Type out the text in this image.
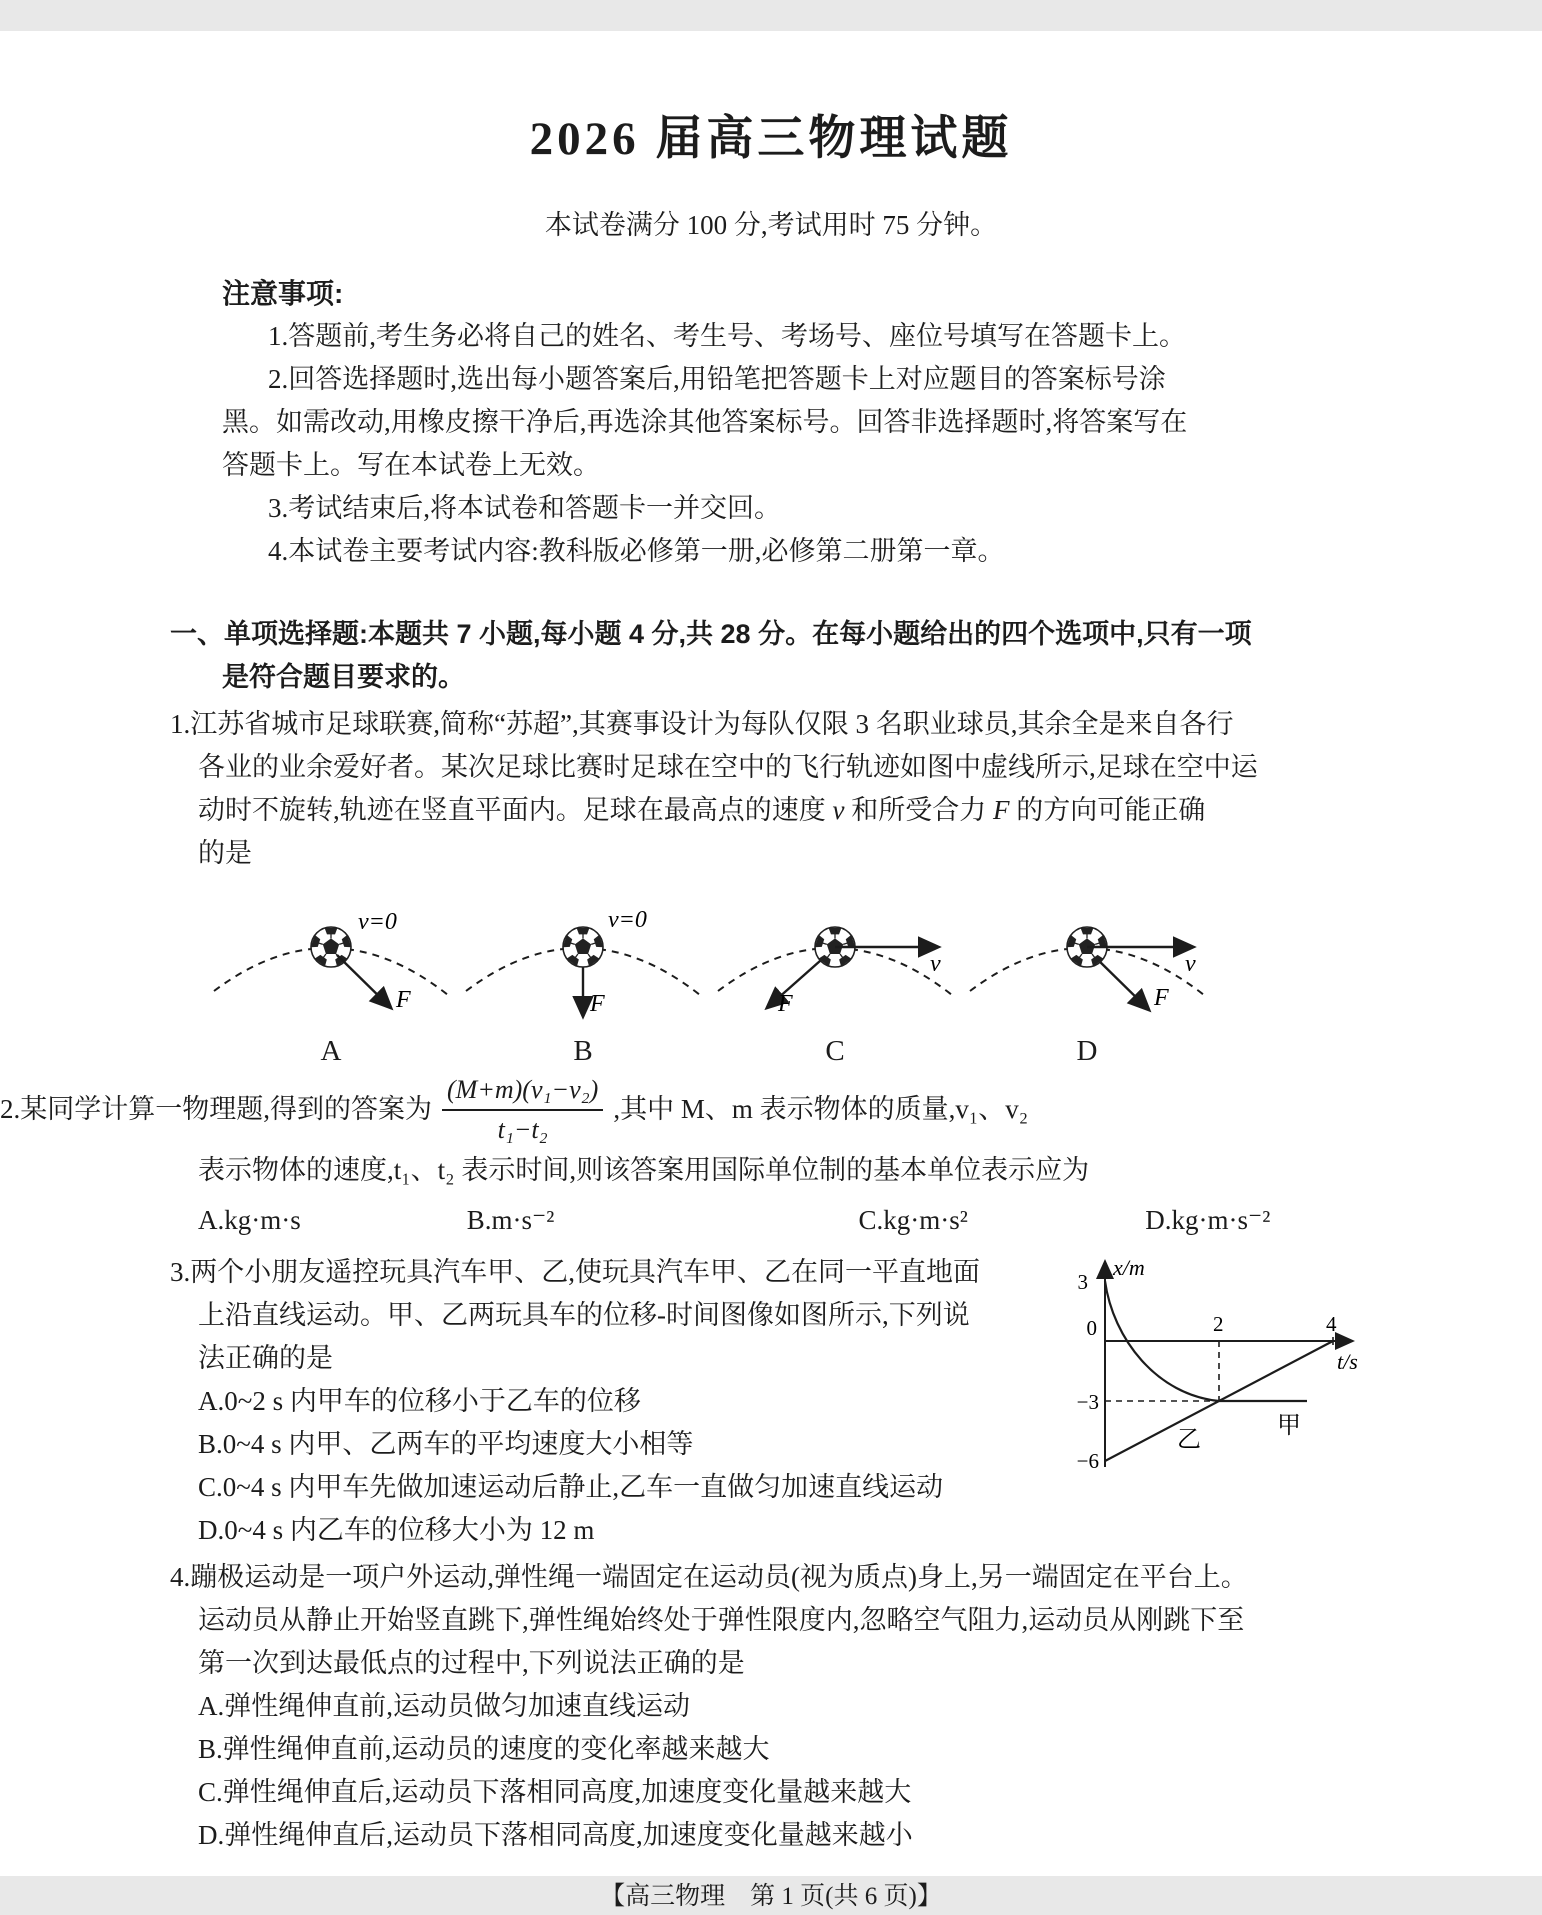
2026 届高三物理试题

本试卷满分 100 分,考试用时 75 分钟。

注意事项:

1.答题前,考生务必将自己的姓名、考生号、考场号、座位号填写在答题卡上。

2.回答选择题时,选出每小题答案后,用铅笔把答题卡上对应题目的答案标号涂

黑。如需改动,用橡皮擦干净后,再选涂其他答案标号。回答非选择题时,将答案写在

答题卡上。写在本试卷上无效。

3.考试结束后,将本试卷和答题卡一并交回。

4.本试卷主要考试内容:教科版必修第一册,必修第二册第一章。

一、单项选择题:本题共 7 小题,每小题 4 分,共 28 分。在每小题给出的四个选项中,只有一项

是符合题目要求的。

1.江苏省城市足球联赛,简称“苏超”,其赛事设计为每队仅限 3 名职业球员,其余全是来自各行

各业的业余爱好者。某次足球比赛时足球在空中的飞行轨迹如图中虚线所示,足球在空中运

动时不旋转,轨迹在竖直平面内。足球在最高点的速度 v 和所受合力 F 的方向可能正确

的是

v=0
F
A
v=0
F
B
v
F
C
v
F
D

2.某同学计算一物理题,得到的答案为 $\frac{\text{(M+m)(v₁−v₂)}}{\text{t₁−t₂}}$ ,其中 M、m 表示物体的质量,v₁、v₂

表示物体的速度,t₁、t₂ 表示时间,则该答案用国际单位制的基本单位表示应为

A.kg·m·s	B.m·s⁻²	C.kg·m·s²	D.kg·m·s⁻²
x/m
t/s
3
0
−3
−6
2	4
甲
乙

3.两个小朋友遥控玩具汽车甲、乙,使玩具汽车甲、乙在同一平直地面

上沿直线运动。甲、乙两玩具车的位移-时间图像如图所示,下列说

法正确的是

A.0~2 s 内甲车的位移小于乙车的位移

B.0~4 s 内甲、乙两车的平均速度大小相等

C.0~4 s 内甲车先做加速运动后静止,乙车一直做匀加速直线运动

D.0~4 s 内乙车的位移大小为 12 m

4.蹦极运动是一项户外运动,弹性绳一端固定在运动员(视为质点)身上,另一端固定在平台上。

运动员从静止开始竖直跳下,弹性绳始终处于弹性限度内,忽略空气阻力,运动员从刚跳下至

第一次到达最低点的过程中,下列说法正确的是

A.弹性绳伸直前,运动员做匀加速直线运动

B.弹性绳伸直前,运动员的速度的变化率越来越大

C.弹性绳伸直后,运动员下落相同高度,加速度变化量越来越大

D.弹性绳伸直后,运动员下落相同高度,加速度变化量越来越小

【高三物理　第 1 页(共 6 页)】
